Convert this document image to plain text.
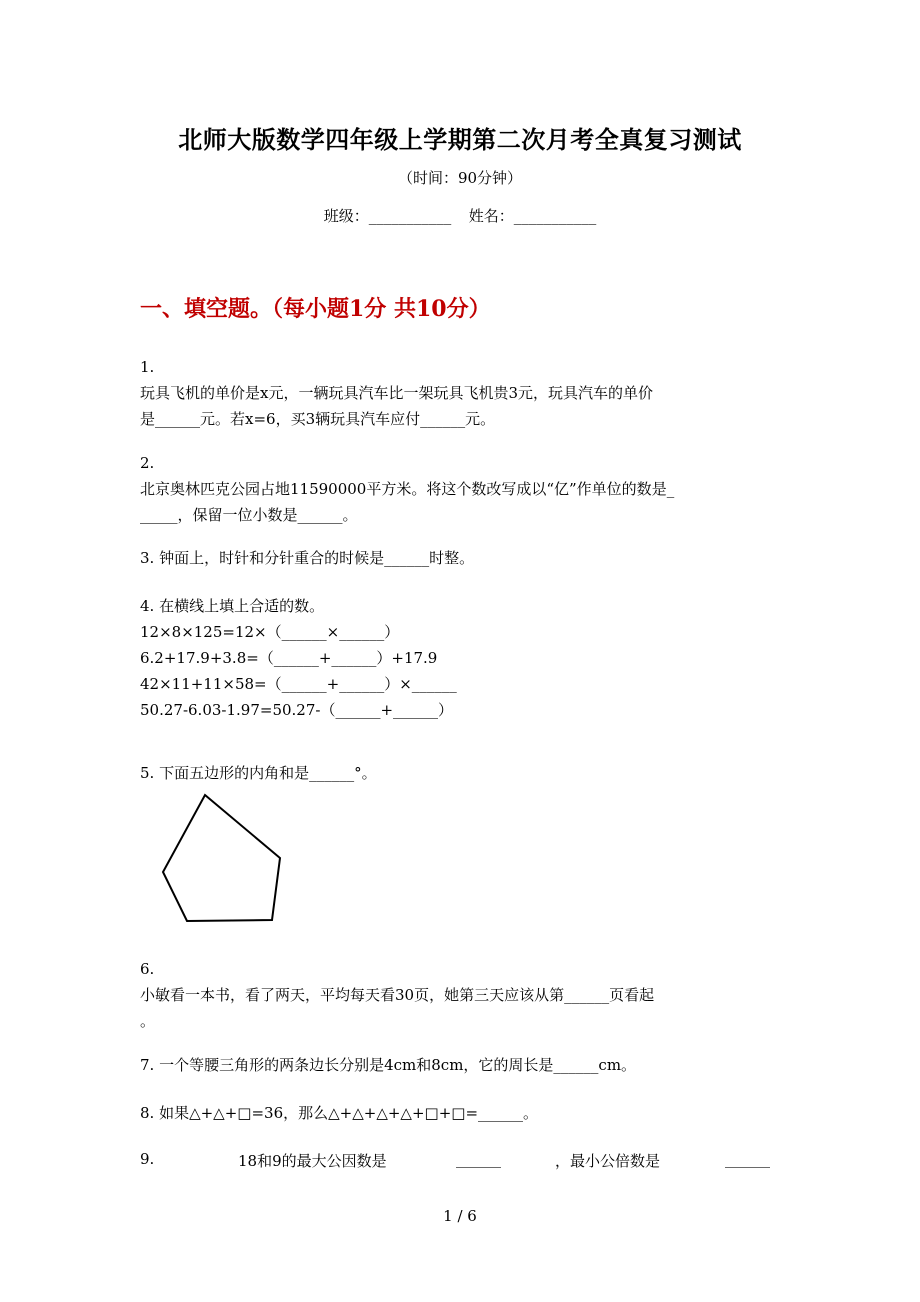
北师大版数学四年级上学期第二次月考全真复习测试
（时间：90分钟）
班级：___________ 姓名：___________
一、填空题。（每小题1分 共10分）
1.
玩具飞机的单价是x元，一辆玩具汽车比一架玩具飞机贵3元，玩具汽车的单价
是______元。若x=6，买3辆玩具汽车应付______元。
2.
北京奥林匹克公园占地11590000平方米。将这个数改写成以“亿”作单位的数是_
_____，保留一位小数是______。
3. 钟面上，时针和分针重合的时候是______时整。
4. 在横线上填上合适的数。
12×8×125=12×（______×______）
6.2+17.9+3.8=（______+______）+17.9
42×11+11×58=（______+______）×______
50.27-6.03-1.97=50.27-（______+______）
5. 下面五边形的内角和是______°。
6.
小敏看一本书，看了两天，平均每天看30页，她第三天应该从第______页看起
。
7. 一个等腰三角形的两条边长分别是4cm和8cm，它的周长是______cm。
8. 如果△+△+□=36，那么△+△+△+△+□+□=______。
9.	18和9的最大公因数是	______	，最小公倍数是	______
1 / 6
